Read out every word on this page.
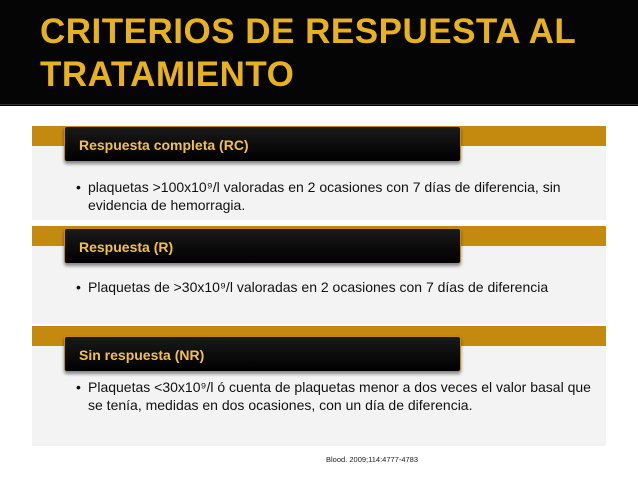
CRITERIOS DE RESPUESTA AL TRATAMIENTO
Respuesta completa (RC)
• plaquetas >100x10⁹/l valoradas en 2 ocasiones con 7 días de diferencia, sin evidencia de hemorragia.
Respuesta (R)
• Plaquetas de >30x10⁹/l valoradas en 2 ocasiones con 7 días de diferencia
Sin respuesta (NR)
• Plaquetas <30x10⁹/l ó cuenta de plaquetas menor a dos veces el valor basal que se tenía, medidas en dos ocasiones, con un día de diferencia.
Blood. 2009;114:4777-4783
